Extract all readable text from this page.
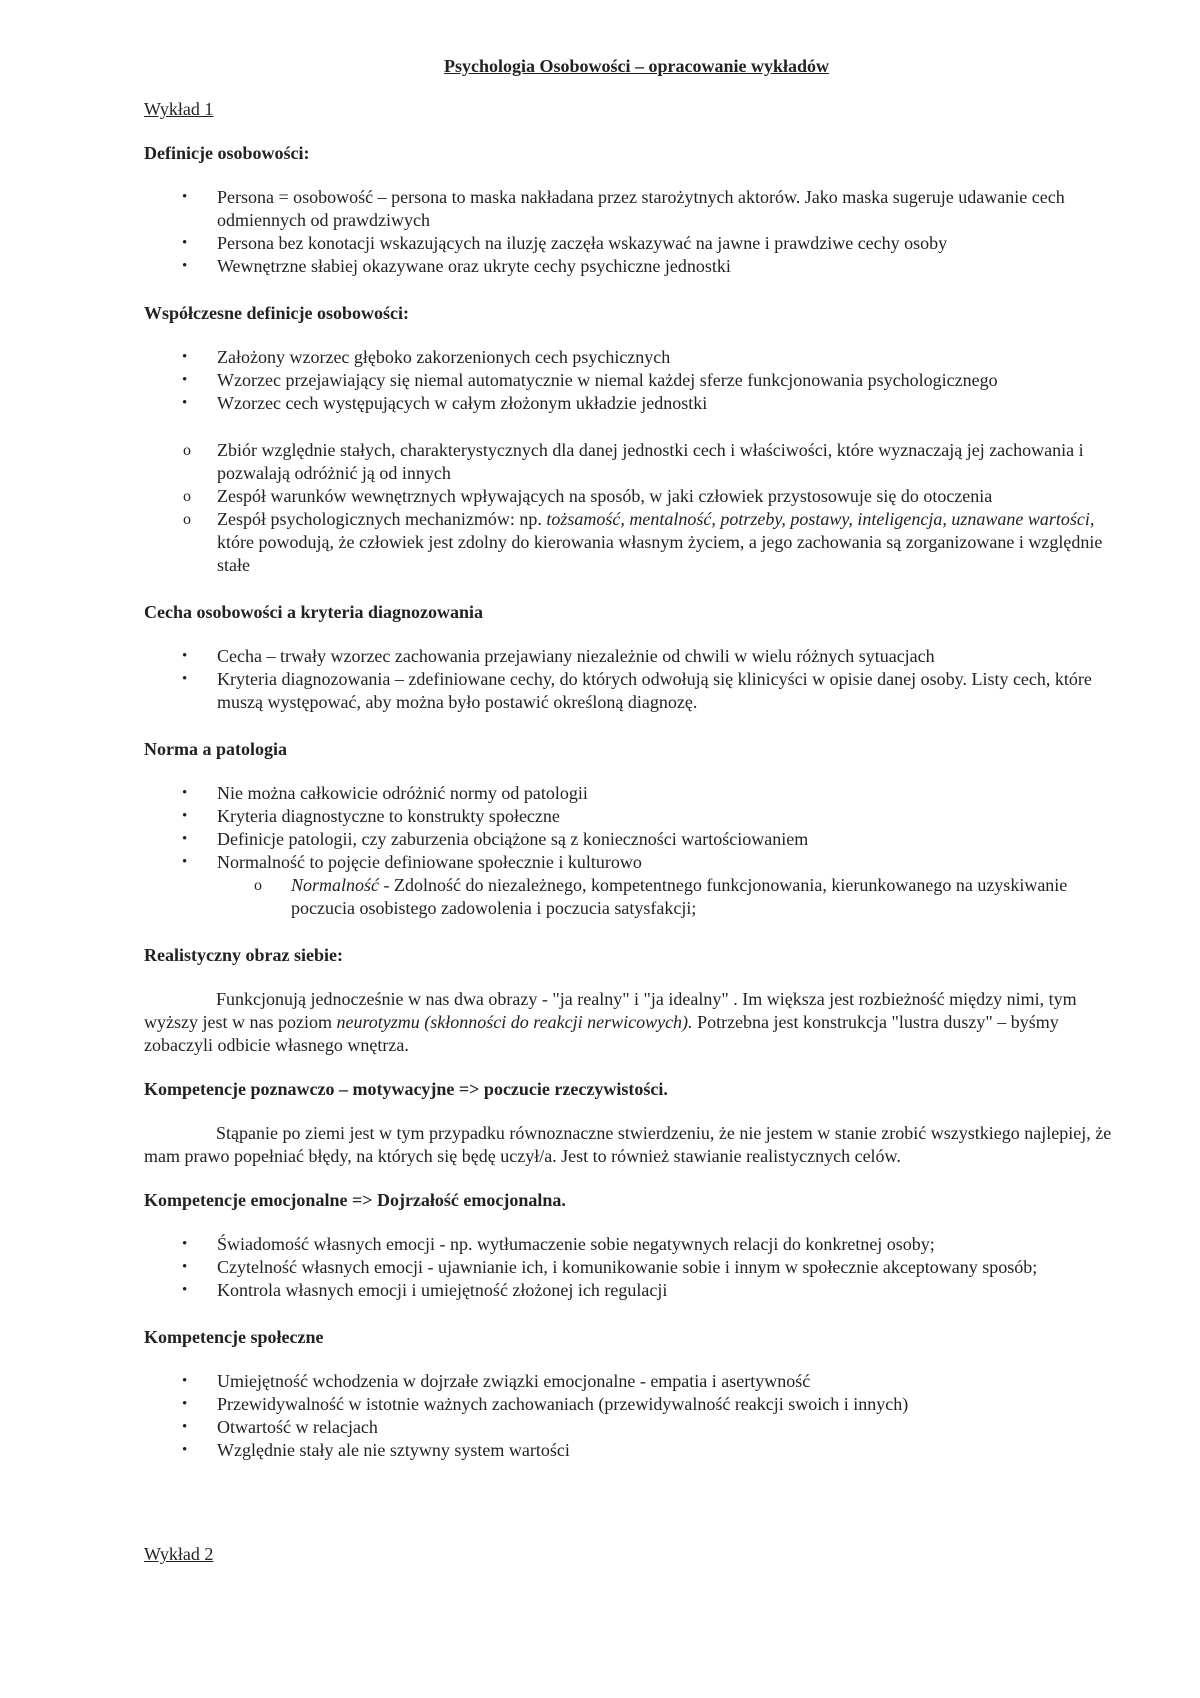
Psychologia Osobowości – opracowanie wykładów
Wykład 1
Definicje osobowości:
•	Persona = osobowość – persona to maska nakładana przez starożytnych aktorów. Jako maska sugeruje udawanie cech odmiennych od prawdziwych
•	Persona bez konotacji wskazujących na iluzję zaczęła wskazywać na jawne i prawdziwe cechy osoby
•	Wewnętrzne słabiej okazywane oraz ukryte cechy psychiczne jednostki
Współczesne definicje osobowości:
•	Założony wzorzec głęboko zakorzenionych cech psychicznych
•	Wzorzec przejawiający się niemal automatycznie w niemal każdej sferze funkcjonowania psychologicznego
•	Wzorzec cech występujących w całym złożonym układzie jednostki
o	Zbiór względnie stałych, charakterystycznych dla danej jednostki cech i właściwości, które wyznaczają jej zachowania i pozwalają odróżnić ją od innych
o	Zespół warunków wewnętrznych wpływających na sposób, w jaki człowiek przystosowuje się do otoczenia
o	Zespół psychologicznych mechanizmów: np. tożsamość, mentalność, potrzeby, postawy, inteligencja, uznawane wartości, które powodują, że człowiek jest zdolny do kierowania własnym życiem, a jego zachowania są zorganizowane i względnie stałe
Cecha osobowości a kryteria diagnozowania
•	Cecha – trwały wzorzec zachowania przejawiany niezależnie od chwili w wielu różnych sytuacjach
•	Kryteria diagnozowania – zdefiniowane cechy, do których odwołują się klinicyści w opisie danej osoby. Listy cech, które muszą występować, aby można było postawić określoną diagnozę.
Norma a patologia
•	Nie można całkowicie odróżnić normy od patologii
•	Kryteria diagnostyczne to konstrukty społeczne
•	Definicje patologii, czy zaburzenia obciążone są z konieczności wartościowaniem
•	Normalność to pojęcie definiowane społecznie i kulturowo
o	Normalność - Zdolność do niezależnego, kompetentnego funkcjonowania, kierunkowanego na uzyskiwanie poczucia osobistego zadowolenia i poczucia satysfakcji;
Realistyczny obraz siebie:
Funkcjonują jednocześnie w nas dwa obrazy - "ja realny" i "ja idealny" . Im większa jest rozbieżność między nimi, tym wyższy jest w nas poziom neurotyzmu (skłonności do reakcji nerwicowych). Potrzebna jest konstrukcja "lustra duszy" – byśmy zobaczyli odbicie własnego wnętrza.
Kompetencje poznawczo – motywacyjne => poczucie rzeczywistości.
Stąpanie po ziemi jest w tym przypadku równoznaczne stwierdzeniu, że nie jestem w stanie zrobić wszystkiego najlepiej, że mam prawo popełniać błędy, na których się będę uczył/a. Jest to również stawianie realistycznych celów.
Kompetencje emocjonalne => Dojrzałość emocjonalna.
•	Świadomość własnych emocji - np. wytłumaczenie sobie negatywnych relacji do konkretnej osoby;
•	Czytelność własnych emocji - ujawnianie ich, i komunikowanie sobie i innym w społecznie akceptowany sposób;
•	Kontrola własnych emocji i umiejętność złożonej ich regulacji
Kompetencje społeczne
•	Umiejętność wchodzenia w dojrzałe związki emocjonalne - empatia i asertywność
•	Przewidywalność w istotnie ważnych zachowaniach (przewidywalność reakcji swoich i innych)
•	Otwartość w relacjach
•	Względnie stały ale nie sztywny system wartości
Wykład 2
